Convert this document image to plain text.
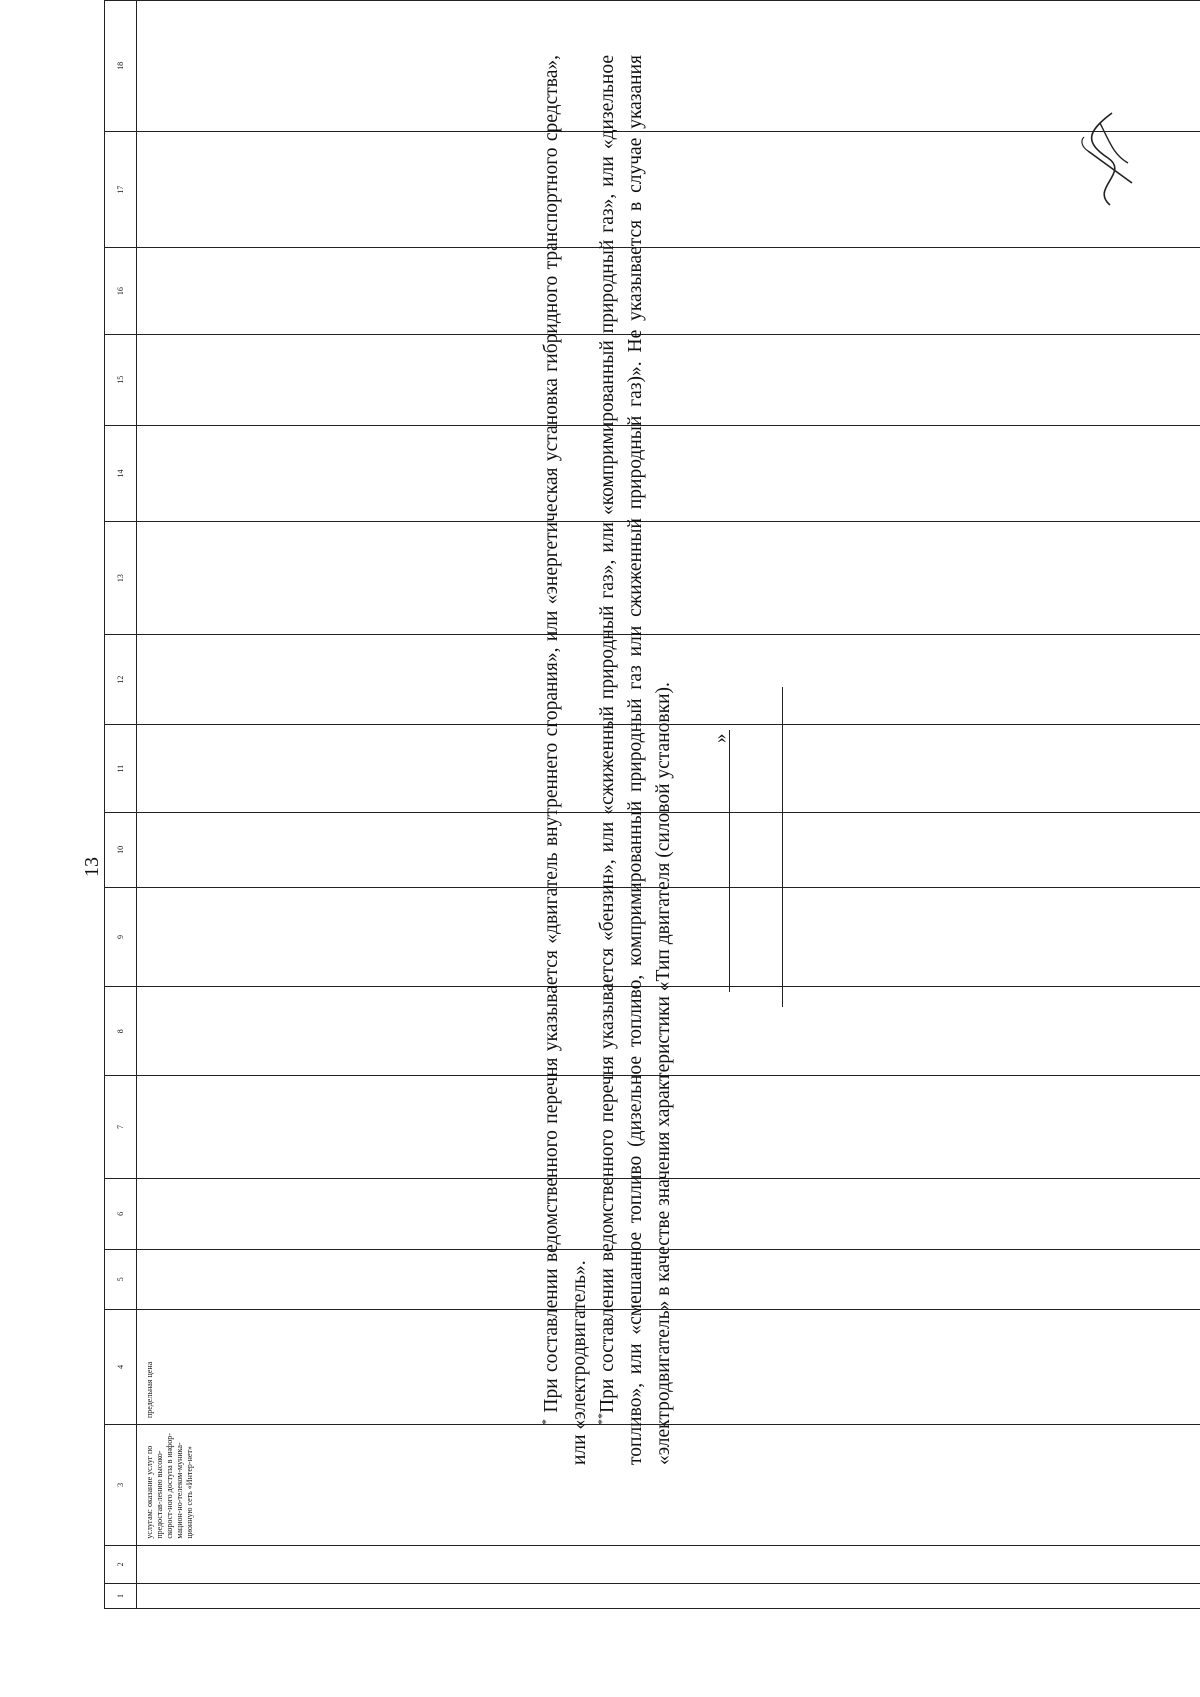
1	2	3	4	5	6	7	8	9	10	11	12	13	14	15	16	17	18
		услугам: оказание услуг по предостав-лению высоко-скорост-ного доступа в инфор-мацион-но-телеком-муника-ционную сеть «Интер-нет»	предельная цена														
13

* При составлении ведомственного перечня указывается «двигатель внутреннего сгорания», или «энергетическая установка гибридного транспортного средства», или «электродвигатель». **При составлении ведомственного перечня указывается «бензин», или «сжиженный природный газ», или «компримированный природный газ», или «дизельное топливо», или «смешанное топливо (дизельное топливо, компримированный природный газ или сжиженный природный газ)». Не указывается в случае указания «электродвигатель» в качестве значения характеристики «Тип двигателя (силовой установки). »
